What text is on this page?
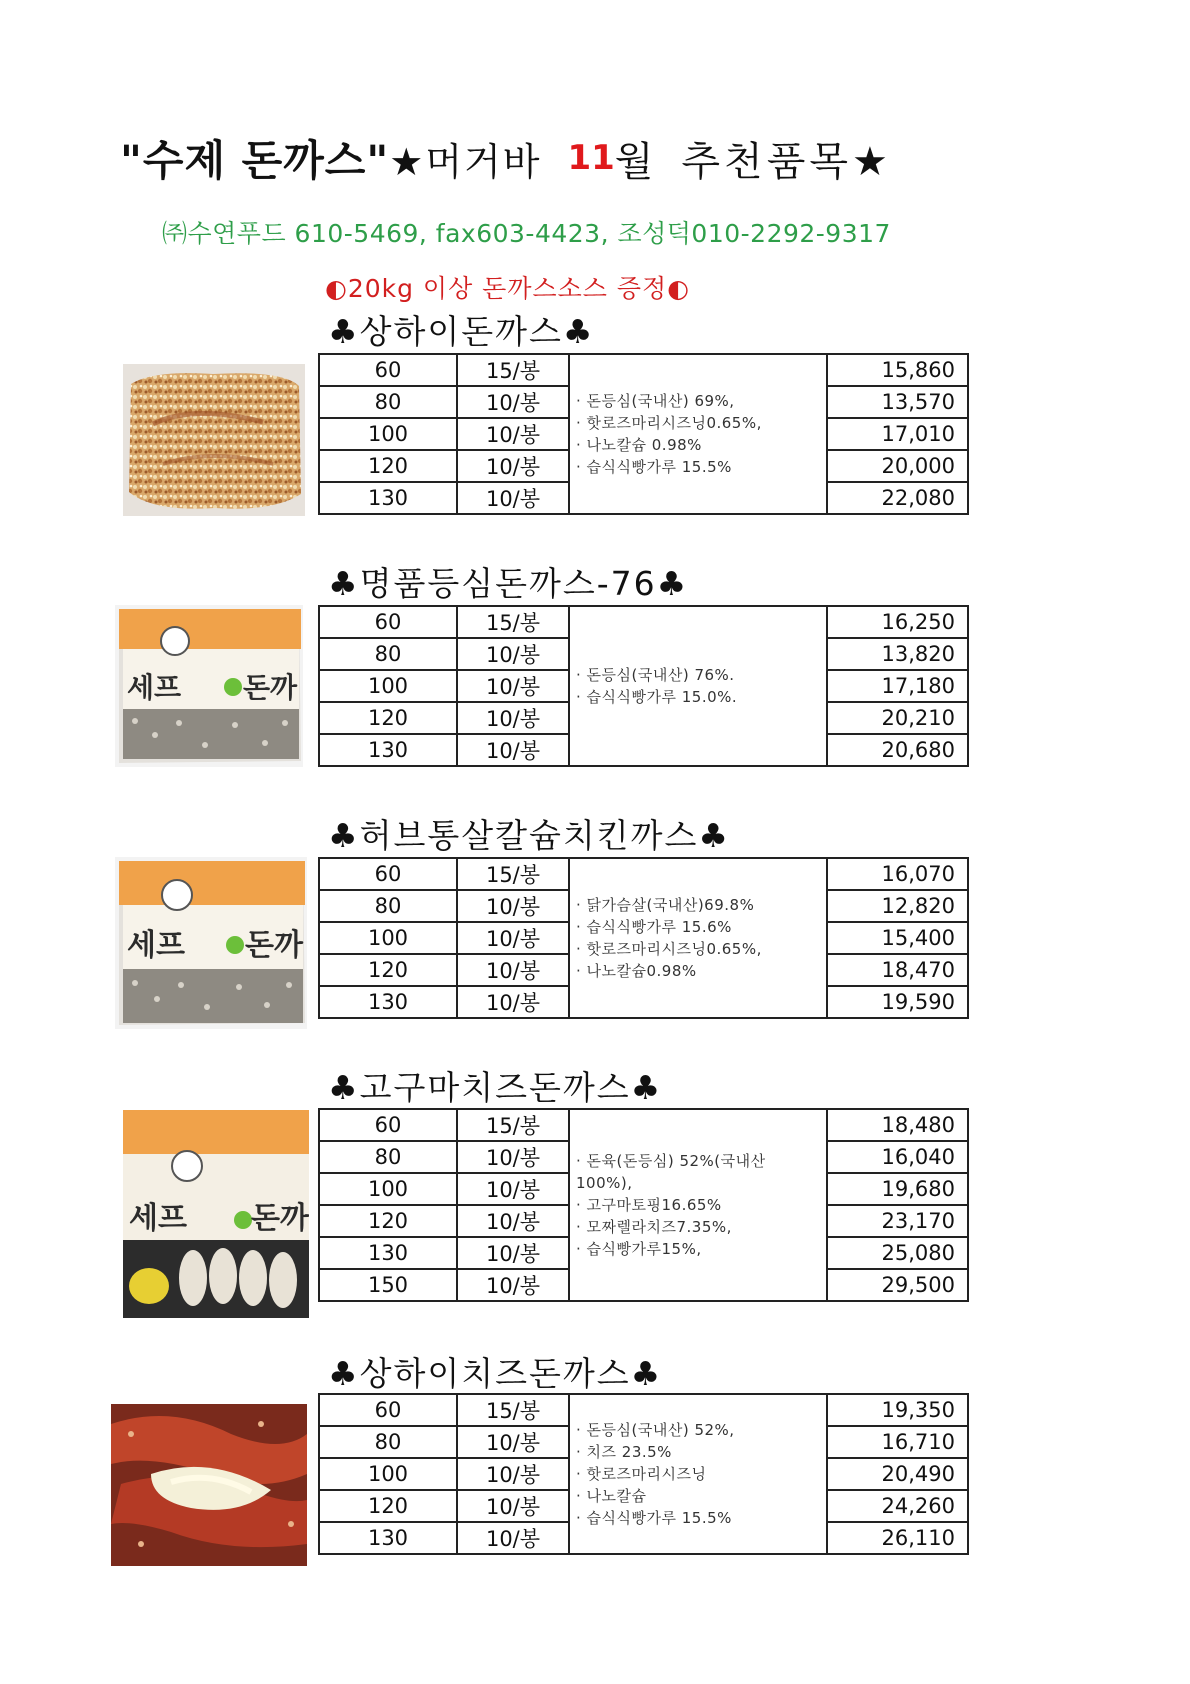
"수제 돈까스"★머거바 11월 추천품목★
㈜수연푸드 610-5469, fax603-4423, 조성덕010-2292-9317
◐20kg 이상 돈까스소스 증정◐
♣상하이돈까스♣
60	15/봉	· 돈등심(국내산) 69%,
· 핫로즈마리시즈닝0.65%,
· 나노칼슘 0.98%
· 습식식빵가루 15.5%	15,860
80	10/봉		13,570
100	10/봉		17,010
120	10/봉		20,000
130	10/봉		22,080
♣명품등심돈까스-76♣
세프 돈까
60	15/봉	· 돈등심(국내산) 76%.
· 습식식빵가루 15.0%.	16,250
80	10/봉		13,820
100	10/봉		17,180
120	10/봉		20,210
130	10/봉		20,680
♣허브통살칼슘치킨까스♣
세프 돈까
60	15/봉	· 닭가슴살(국내산)69.8%
· 습식식빵가루 15.6%
· 핫로즈마리시즈닝0.65%,
· 나노칼슘0.98%	16,070
80	10/봉		12,820
100	10/봉		15,400
120	10/봉		18,470
130	10/봉		19,590
♣고구마치즈돈까스♣
세프 돈까
60	15/봉	· 돈육(돈등심) 52%(국내산
100%),
· 고구마토핑16.65%
· 모짜렐라치즈7.35%,
· 습식빵가루15%,	18,480
80	10/봉		16,040
100	10/봉		19,680
120	10/봉		23,170
130	10/봉		25,080
150	10/봉		29,500
♣상하이치즈돈까스♣
60	15/봉	· 돈등심(국내산) 52%,
· 치즈 23.5%
· 핫로즈마리시즈닝
· 나노칼슘
· 습식식빵가루 15.5%	19,350
80	10/봉		16,710
100	10/봉		20,490
120	10/봉		24,260
130	10/봉		26,110
